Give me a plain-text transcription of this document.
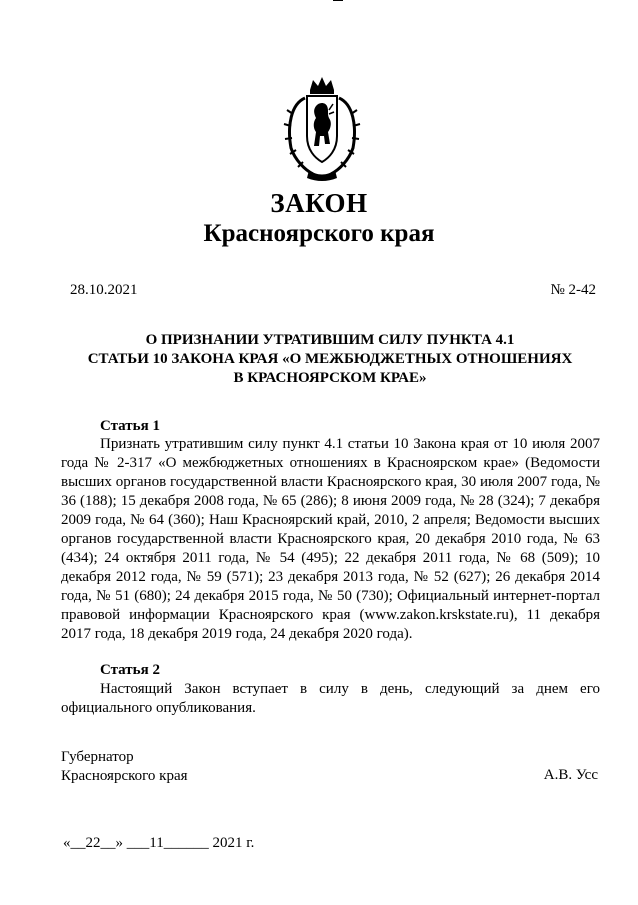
ЗАКОН
Красноярского края
28.10.2021	№ 2-42
О ПРИЗНАНИИ УТРАТИВШИМ СИЛУ ПУНКТА 4.1
СТАТЬИ 10 ЗАКОНА КРАЯ «О МЕЖБЮДЖЕТНЫХ ОТНОШЕНИЯХ
В КРАСНОЯРСКОМ КРАЕ»
Статья 1
Признать утратившим силу пункт 4.1 статьи 10 Закона края от 10 июля 2007 года № 2-317 «О межбюджетных отношениях в Красноярском крае» (Ведомости высших органов государственной власти Красноярского края, 30 июля 2007 года, № 36 (188); 15 декабря 2008 года, № 65 (286); 8 июня 2009 года, № 28 (324); 7 декабря 2009 года, № 64 (360); Наш Красноярский край, 2010, 2 апреля; Ведомости высших органов государственной власти Красноярского края, 20 декабря 2010 года, № 63 (434); 24 октября 2011 года, № 54 (495); 22 декабря 2011 года, № 68 (509); 10 декабря 2012 года, № 59 (571); 23 декабря 2013 года, № 52 (627); 26 декабря 2014 года, № 51 (680); 24 декабря 2015 года, № 50 (730); Официальный интернет-портал правовой информации Красноярского края (www.zakon.krskstate.ru), 11 декабря 2017 года, 18 декабря 2019 года, 24 декабря 2020 года).
Статья 2
Настоящий Закон вступает в силу в день, следующий за днем его официального опубликования.
Губернатор
Красноярского края	А.В. Усс
«__22__» ___11______ 2021 г.
